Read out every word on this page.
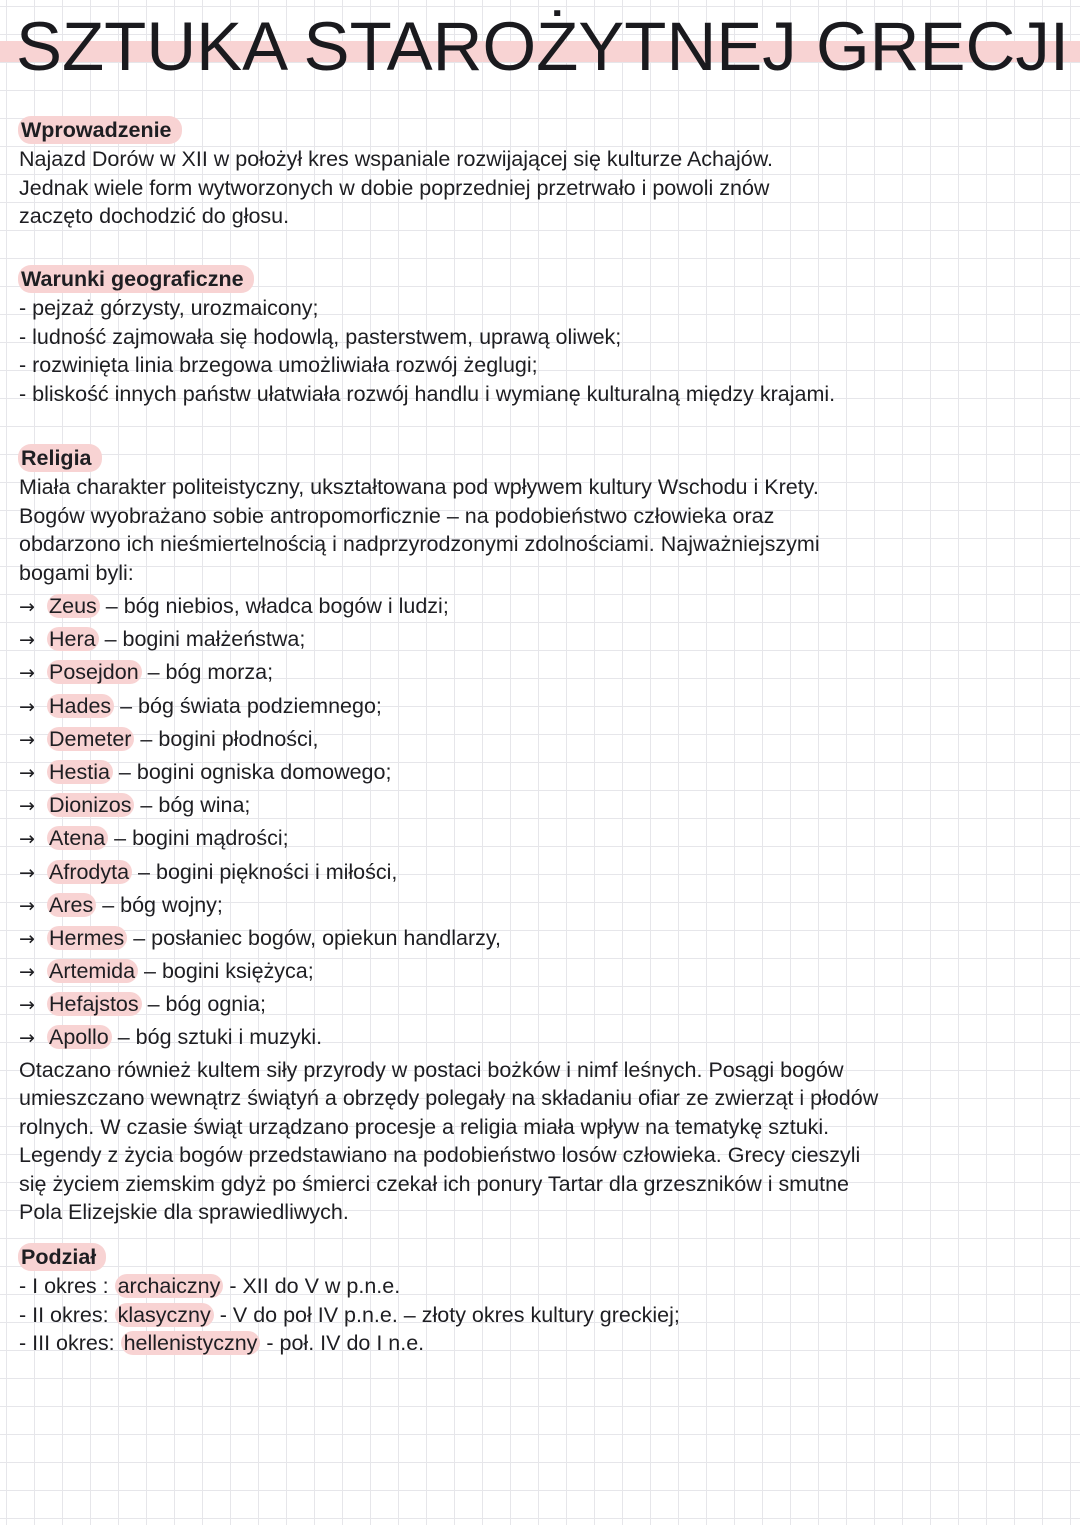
SZTUKA STAROŻYTNEJ GRECJI
Wprowadzenie
Najazd Dorów w XII w położył kres wspaniale rozwijającej się kulturze Achajów.
Jednak wiele form wytworzonych w dobie poprzedniej przetrwało i powoli znów
zaczęto dochodzić do głosu.
Warunki geograficzne
- pejzaż górzysty, urozmaicony;
- ludność zajmowała się hodowlą, pasterstwem, uprawą oliwek;
- rozwinięta linia brzegowa umożliwiała rozwój żeglugi;
- bliskość innych państw ułatwiała rozwój handlu i wymianę kulturalną między krajami.
Religia
Miała charakter politeistyczny, ukształtowana pod wpływem kultury Wschodu i Krety.
Bogów wyobrażano sobie antropomorficznie – na podobieństwo człowieka oraz
obdarzono ich nieśmiertelnością i nadprzyrodzonymi zdolnościami. Najważniejszymi
bogami byli:
→ Zeus – bóg niebios, władca bogów i ludzi;
→ Hera – bogini małżeństwa;
→ Posejdon – bóg morza;
→ Hades – bóg świata podziemnego;
→ Demeter – bogini płodności,
→ Hestia – bogini ogniska domowego;
→ Dionizos – bóg wina;
→ Atena – bogini mądrości;
→ Afrodyta – bogini piękności i miłości,
→ Ares – bóg wojny;
→ Hermes – posłaniec bogów, opiekun handlarzy,
→ Artemida – bogini księżyca;
→ Hefajstos – bóg ognia;
→ Apollo – bóg sztuki i muzyki.
Otaczano również kultem siły przyrody w postaci bożków i nimf leśnych. Posągi bogów
umieszczano wewnątrz świątyń a obrzędy polegały na składaniu ofiar ze zwierząt i płodów
rolnych. W czasie świąt urządzano procesje a religia miała wpływ na tematykę sztuki.
Legendy z życia bogów przedstawiano na podobieństwo losów człowieka. Grecy cieszyli
się życiem ziemskim gdyż po śmierci czekał ich ponury Tartar dla grzeszników i smutne
Pola Elizejskie dla sprawiedliwych.
Podział
- I okres : archaiczny - XII do V w p.n.e.
- II okres: klasyczny - V do poł IV p.n.e. – złoty okres kultury greckiej;
- III okres: hellenistyczny - poł. IV do I n.e.
